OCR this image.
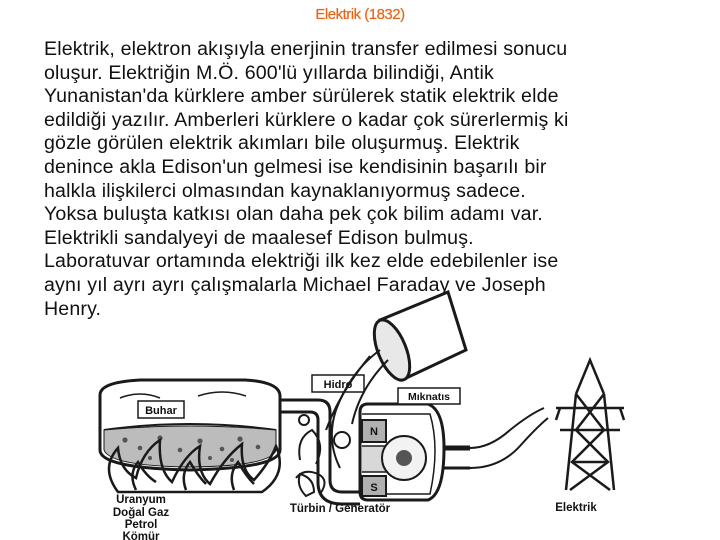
Elektrik (1832)

Elektrik, elektron akışıyla enerjinin transfer edilmesi sonucu
oluşur. Elektriğin M.Ö. 600'lü yıllarda bilindiği, Antik
Yunanistan'da kürklere amber sürülerek statik elektrik elde
edildiği yazılır. Amberleri kürklere o kadar çok sürerlermiş ki
gözle görülen elektrik akımları bile oluşurmuş. Elektrik
denince akla Edison'un gelmesi ise kendisinin başarılı bir
halkla ilişkilerci olmasından kaynaklanıyormuş sadece.
Yoksa buluşta katkısı olan daha pek çok bilim adamı var.
Elektrikli sandalyeyi de maalesef Edison bulmuş.
Laboratuvar ortamında elektriği ilk kez elde edebilenler ise
aynı yıl ayrı ayrı çalışmalarla Michael Faraday ve Joseph
Henry.

Buhar
Uranyum
Doğal Gaz
Petrol
Kömür
Hidro
N
S
Mıknatıs
Türbin / Generatör	Elektrik
